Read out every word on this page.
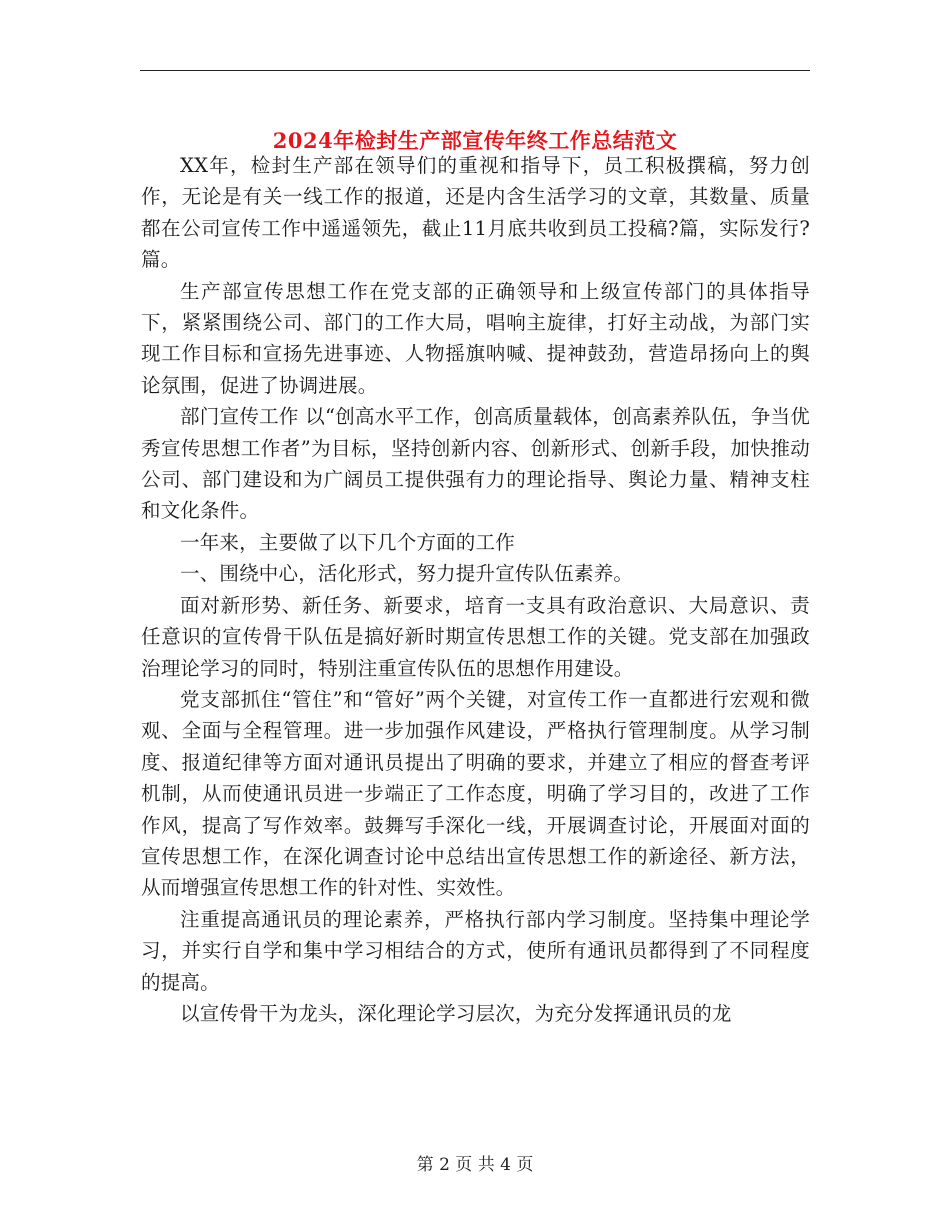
2024年检封生产部宣传年终工作总结范文

XX年，检封生产部在领导们的重视和指导下，员工积极撰稿，努力创作，无论是有关一线工作的报道，还是内含生活学习的文章，其数量、质量都在公司宣传工作中遥遥领先，截止11月底共收到员工投稿?篇，实际发行?篇。

生产部宣传思想工作在党支部的正确领导和上级宣传部门的具体指导下，紧紧围绕公司、部门的工作大局，唱响主旋律，打好主动战，为部门实现工作目标和宣扬先进事迹、人物摇旗呐喊、提神鼓劲，营造昂扬向上的舆论氛围，促进了协调进展。

部门宣传工作 以“创高水平工作，创高质量载体，创高素养队伍，争当优秀宣传思想工作者”为目标，坚持创新内容、创新形式、创新手段，加快推动公司、部门建设和为广阔员工提供强有力的理论指导、舆论力量、精神支柱和文化条件。

一年来，主要做了以下几个方面的工作

一、围绕中心，活化形式，努力提升宣传队伍素养。

面对新形势、新任务、新要求，培育一支具有政治意识、大局意识、责任意识的宣传骨干队伍是搞好新时期宣传思想工作的关键。党支部在加强政治理论学习的同时，特别注重宣传队伍的思想作用建设。

党支部抓住“管住”和“管好”两个关键，对宣传工作一直都进行宏观和微观、全面与全程管理。进一步加强作风建设，严格执行管理制度。从学习制度、报道纪律等方面对通讯员提出了明确的要求，并建立了相应的督查考评机制，从而使通讯员进一步端正了工作态度，明确了学习目的，改进了工作作风，提高了写作效率。鼓舞写手深化一线，开展调查讨论，开展面对面的宣传思想工作，在深化调查讨论中总结出宣传思想工作的新途径、新方法，从而增强宣传思想工作的针对性、实效性。

注重提高通讯员的理论素养，严格执行部内学习制度。坚持集中理论学习，并实行自学和集中学习相结合的方式，使所有通讯员都得到了不同程度的提高。

以宣传骨干为龙头，深化理论学习层次，为充分发挥通讯员的龙

第 2 页 共 4 页
